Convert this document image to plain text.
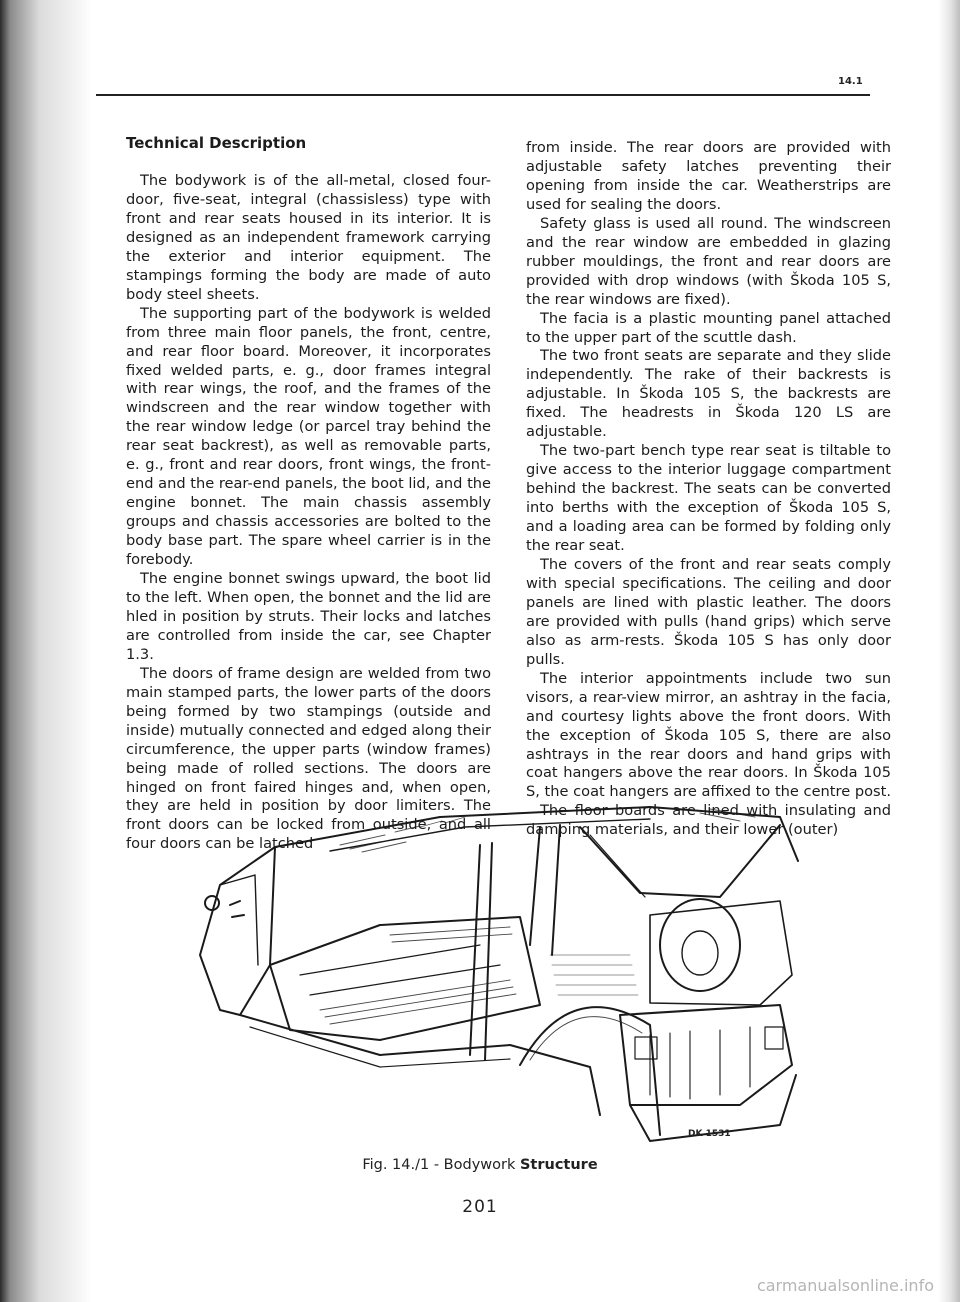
14.1
Technical Description

The bodywork is of the all-metal, closed four-door, five-seat, integral (chassisless) type with front and rear seats housed in its interior. It is designed as an independent framework carrying the exterior and interior equipment. The stampings forming the body are made of auto body steel sheets.

The supporting part of the bodywork is welded from three main floor panels, the front, centre, and rear floor board. Moreover, it incorporates fixed welded parts, e. g., door frames integral with rear wings, the roof, and the frames of the windscreen and the rear window together with the rear window ledge (or parcel tray behind the rear seat backrest), as well as removable parts, e. g., front and rear doors, front wings, the front-end and the rear-end panels, the boot lid, and the engine bonnet. The main chassis assembly groups and chassis accessories are bolted to the body base part. The spare wheel carrier is in the forebody.

The engine bonnet swings upward, the boot lid to the left. When open, the bonnet and the lid are hled in position by struts. Their locks and latches are controlled from inside the car, see Chapter 1.3.

The doors of frame design are welded from two main stamped parts, the lower parts of the doors being formed by two stampings (outside and inside) mutually connected and edged along their circumference, the upper parts (window frames) being made of rolled sections. The doors are hinged on front faired hinges and, when open, they are held in position by door limiters. The front doors can be locked from outside, and all four doors can be latched

from inside. The rear doors are provided with adjustable safety latches preventing their opening from inside the car. Weatherstrips are used for sealing the doors.

Safety glass is used all round. The windscreen and the rear window are embedded in glazing rubber mouldings, the front and rear doors are provided with drop windows (with Škoda 105 S, the rear windows are fixed).

The facia is a plastic mounting panel attached to the upper part of the scuttle dash.

The two front seats are separate and they slide independently. The rake of their backrests is adjustable. In Škoda 105 S, the backrests are fixed. The headrests in Škoda 120 LS are adjustable.

The two-part bench type rear seat is tiltable to give access to the interior luggage compartment behind the backrest. The seats can be converted into berths with the exception of Škoda 105 S, and a loading area can be formed by folding only the rear seat.

The covers of the front and rear seats comply with special specifications. The ceiling and door panels are lined with plastic leather. The doors are provided with pulls (hand grips) which serve also as arm-rests. Škoda 105 S has only door pulls.

The interior appointments include two sun visors, a rear-view mirror, an ashtray in the facia, and courtesy lights above the front doors. With the exception of Škoda 105 S, there are also ashtrays in the rear doors and hand grips with coat hangers above the rear doors. In Škoda 105 S, the coat hangers are affixed to the centre post.

The floor boards are lined with insulating and damping materials, and their lower (outer)

DK 1531
Fig. 14./1 - Bodywork Structure
201
carmanualsonline.info
